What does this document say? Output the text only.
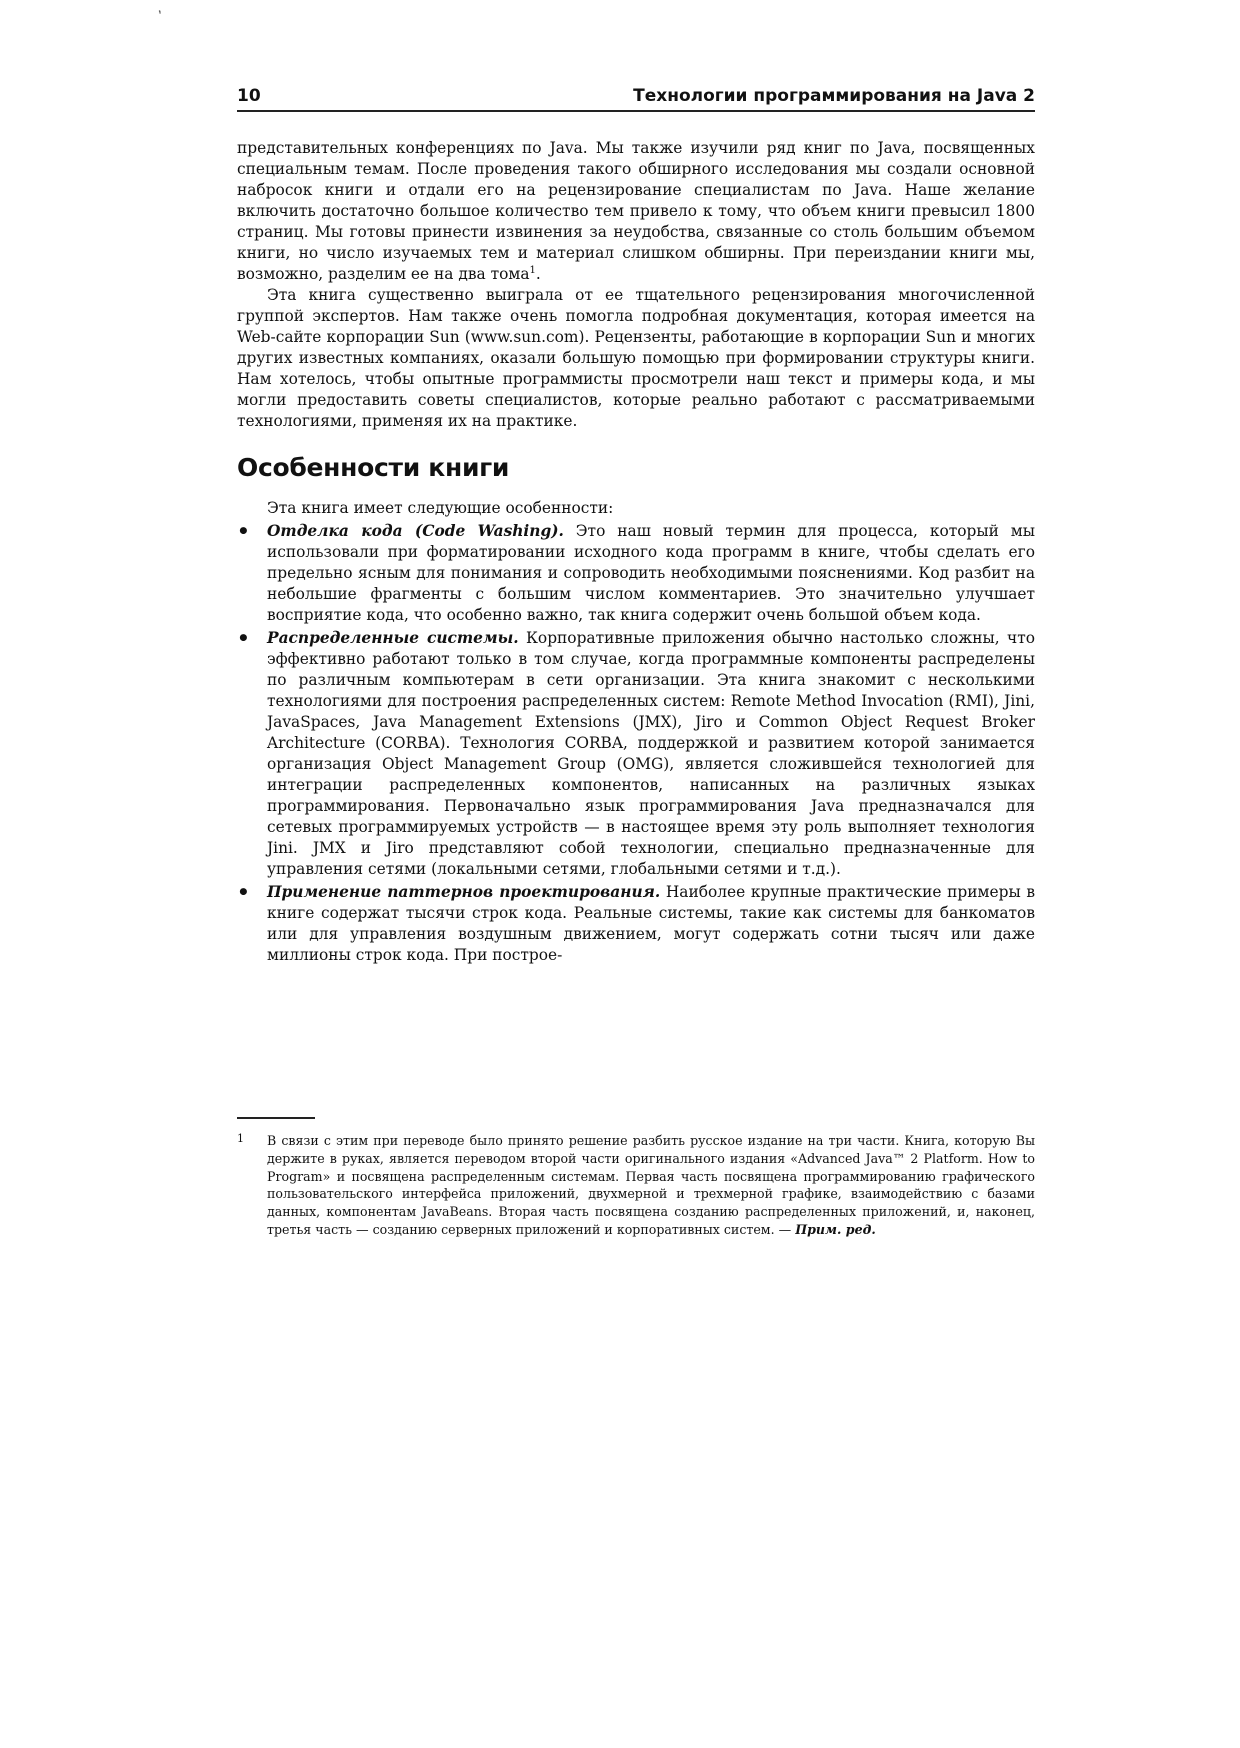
ʼ
10	Технологии программирования на Java 2

представительных конференциях по Java. Мы также изучили ряд книг по Java, посвященных специальным темам. После проведения такого обширного исследования мы создали основной набросок книги и отдали его на рецензирование специалистам по Java. Наше желание включить достаточно большое количество тем привело к тому, что объем книги превысил 1800 страниц. Мы готовы принести извинения за неудобства, связанные со столь большим объемом книги, но число изучаемых тем и материал слишком обширны. При переиздании книги мы, возможно, разделим ее на два тома$^1$.

Эта книга существенно выиграла от ее тщательного рецензирования многочисленной группой экспертов. Нам также очень помогла подробная документация, которая имеется на Web-сайте корпорации Sun (www.sun.com). Рецензенты, работающие в корпорации Sun и многих других известных компаниях, оказали большую помощью при формировании структуры книги. Нам хотелось, чтобы опытные программисты просмотрели наш текст и примеры кода, и мы могли предоставить советы специалистов, которые реально работают с рассматриваемыми технологиями, применяя их на практике.

Особенности книги

Эта книга имеет следующие особенности:

• Отделка кода (Code Washing). Это наш новый термин для процесса, который мы использовали при форматировании исходного кода программ в книге, чтобы сделать его предельно ясным для понимания и сопроводить необходимыми пояснениями. Код разбит на небольшие фрагменты с большим числом комментариев. Это значительно улучшает восприятие кода, что особенно важно, так книга содержит очень большой объем кода.
• Распределенные системы. Корпоративные приложения обычно настолько сложны, что эффективно работают только в том случае, когда программные компоненты распределены по различным компьютерам в сети организации. Эта книга знакомит с несколькими технологиями для построения распределенных систем: Remote Method Invocation (RMI), Jini, JavaSpaces, Java Management Extensions (JMX), Jiro и Common Object Request Broker Architecture (CORBA). Технология CORBA, поддержкой и развитием которой занимается организация Object Management Group (OMG), является сложившейся технологией для интеграции распределенных компонентов, написанных на различных языках программирования. Первоначально язык программирования Java предназначался для сетевых программируемых устройств — в настоящее время эту роль выполняет технология Jini. JMX и Jiro представляют собой технологии, специально предназначенные для управления сетями (локальными сетями, глобальными сетями и т.д.).
• Применение паттернов проектирования. Наиболее крупные практические примеры в книге содержат тысячи строк кода. Реальные системы, такие как системы для банкоматов или для управления воздушным движением, могут содержать сотни тысяч или даже миллионы строк кода. При построе-
1 В связи с этим при переводе было принято решение разбить русское издание на три части. Книга, которую Вы держите в руках, является переводом второй части оригинального издания «Advanced Java™ 2 Platform. How to Program» и посвящена распределенным системам. Первая часть посвящена программированию графического пользовательского интерфейса приложений, двухмерной и трехмерной графике, взаимодействию с базами данных, компонентам JavaBeans. Вторая часть посвящена созданию распределенных приложений, и, наконец, третья часть — созданию серверных приложений и корпоративных систем. — Прим. ред.
